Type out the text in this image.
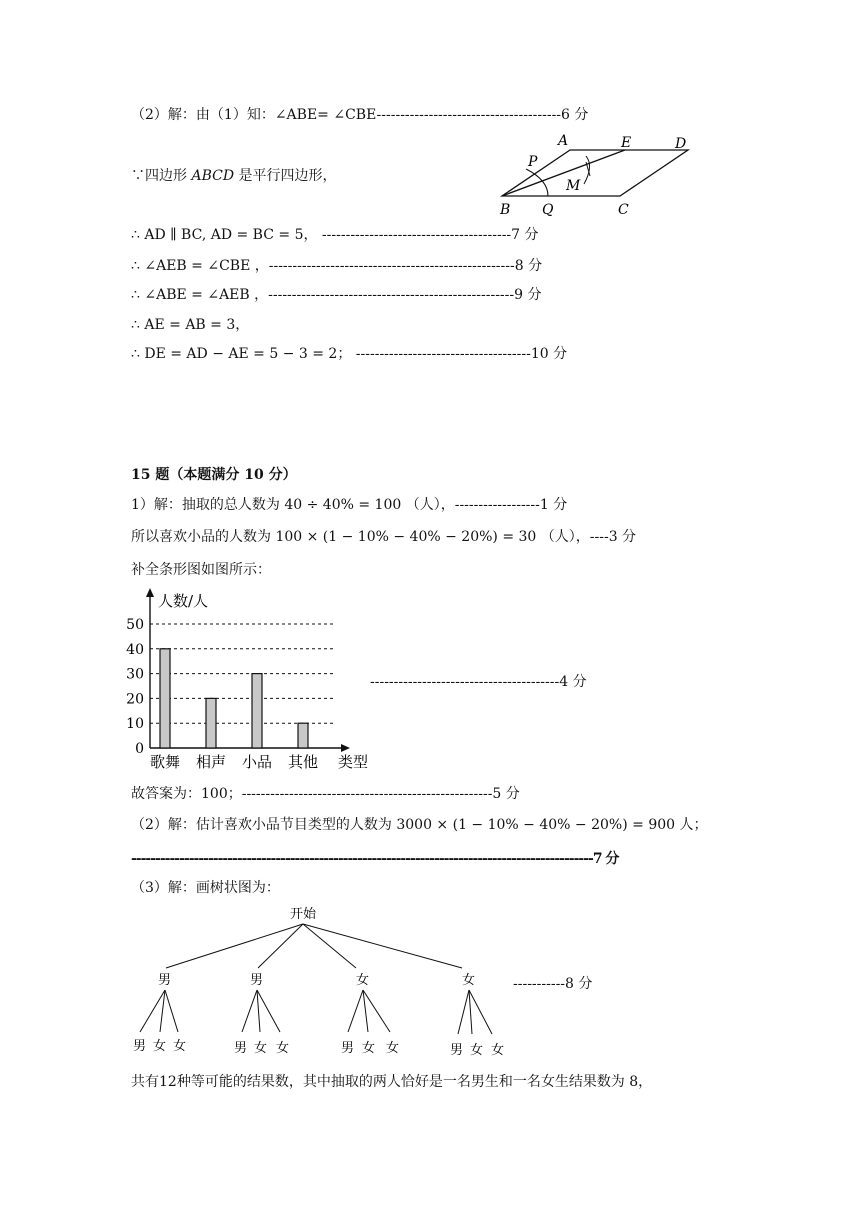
（2）解：由（1）知：∠ABE= ∠CBE---------------------------------------6 分
∵四边形 ABCD 是平行四边形，
∴ AD ∥ BC, AD = BC = 5， ----------------------------------------7 分
∴ ∠AEB = ∠CBE ，----------------------------------------------------8 分
∴ ∠ABE = ∠AEB ，----------------------------------------------------9 分
∴ AE = AB = 3，
∴ DE = AD − AE = 5 − 3 = 2； -------------------------------------10 分
A	E	D
P
M
B Q	C
15 题（本题满分 10 分）
1）解：抽取的总人数为 40 ÷ 40% = 100 （人），------------------1 分
所以喜欢小品的人数为 100 × (1 − 10% − 40% − 20%) = 30 （人），----3 分
补全条形图如图所示：
人数/人
类型
0
10
20
30
40
50
歌舞 相声 小品 其他
----------------------------------------4 分
故答案为：100；-----------------------------------------------------5 分
（2）解：估计喜欢小品节目类型的人数为 3000 × (1 − 10% − 40% − 20%) = 900 人；
------------------------------------------------------------------------------------------------7 分
（3）解：画树状图为：
开始
男	男	女	女
男 女 女	男 女 女	男 女 女	男 女 女
-----------8 分
共有12种等可能的结果数，其中抽取的两人恰好是一名男生和一名女生结果数为 8，
